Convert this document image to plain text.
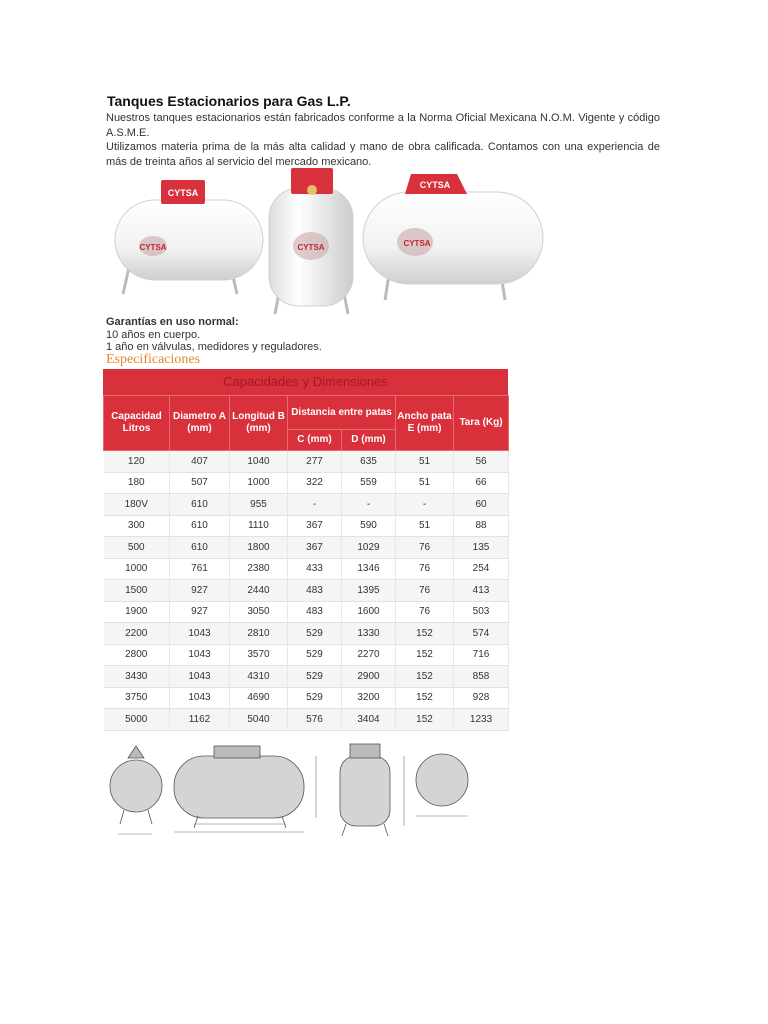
Tanques Estacionarios para Gas L.P.

Nuestros tanques estacionarios están fabricados conforme a la Norma Oficial Mexicana N.O.M. Vigente y código A.S.M.E.

Utilizamos materia prima de la más alta calidad y mano de obra calificada. Contamos con una experiencia de más de treinta años al servicio del mercado mexicano.

CYTSA
CYTSA	CYTSA
CYTSA
CYTSA
Garantías en uso normal:
10 años en cuerpo.
1 año en válvulas, medidores y reguladores.
Especificaciones
Capacidades y Dimensiones
Capacidad Litros	Diametro A (mm)	Longitud B (mm)	Distancia entre patas		Ancho pata E (mm)	Tara (Kg)
			C (mm)	D (mm)		
120	407	1040	277	635	51	56
180	507	1000	322	559	51	66
180V	610	955	-	-	-	60
300	610	1110	367	590	51	88
500	610	1800	367	1029	76	135
1000	761	2380	433	1346	76	254
1500	927	2440	483	1395	76	413
1900	927	3050	483	1600	76	503
2200	1043	2810	529	1330	152	574
2800	1043	3570	529	2270	152	716
3430	1043	4310	529	2900	152	858
3750	1043	4690	529	3200	152	928
5000	1162	5040	576	3404	152	1233
